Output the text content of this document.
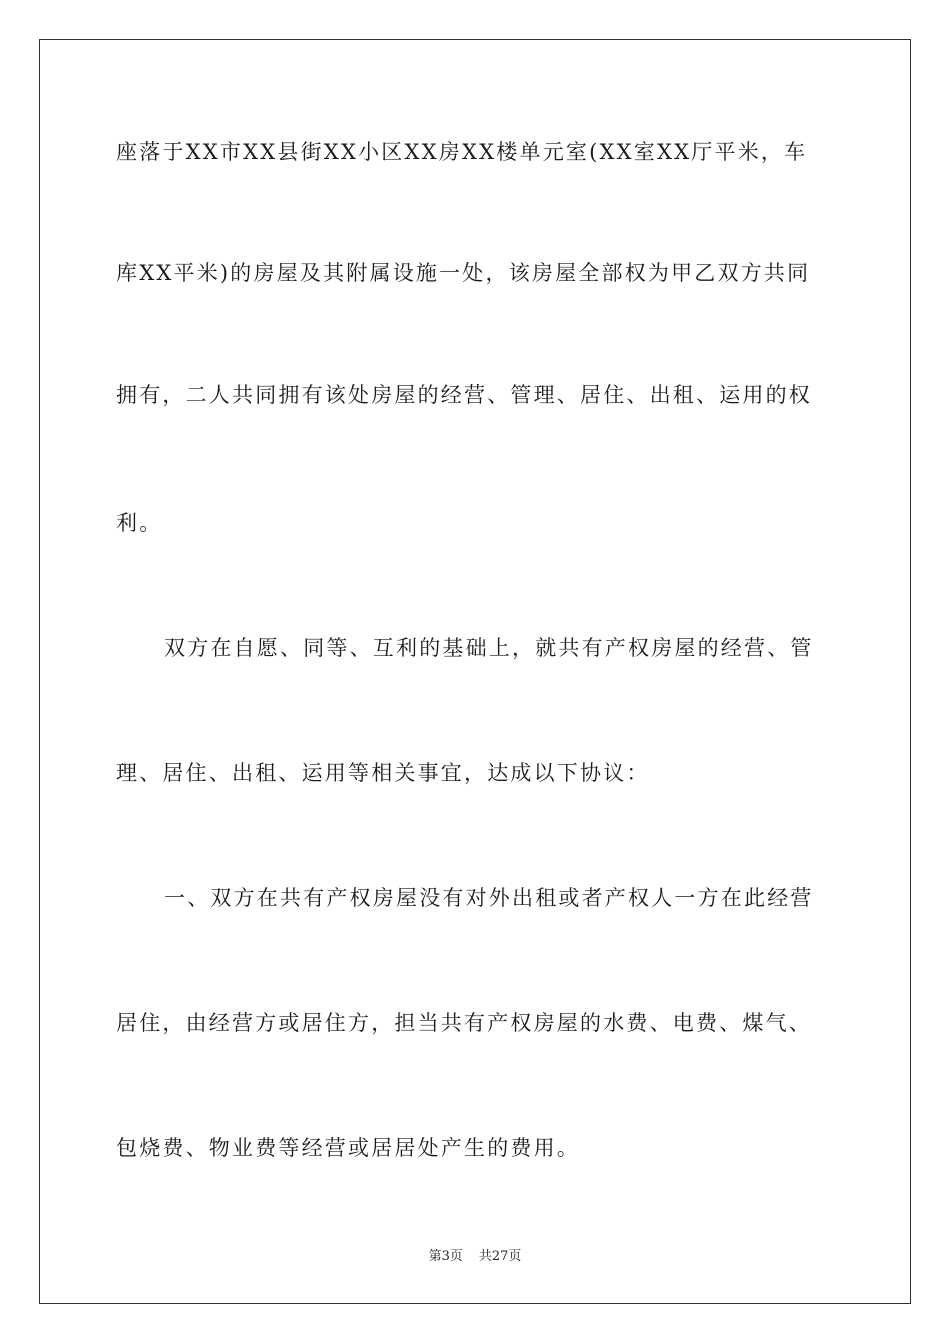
座落于XX市XX县街XX小区XX房XX楼单元室(XX室XX厅平米，车
库XX平米)的房屋及其附属设施一处，该房屋全部权为甲乙双方共同
拥有，二人共同拥有该处房屋的经营、管理、居住、出租、运用的权
利。
双方在自愿、同等、互利的基础上，就共有产权房屋的经营、管
理、居住、出租、运用等相关事宜，达成以下协议：
一、双方在共有产权房屋没有对外出租或者产权人一方在此经营
居住，由经营方或居住方，担当共有产权房屋的水费、电费、煤气、
包烧费、物业费等经营或居居处产生的费用。
第3页 共27页
